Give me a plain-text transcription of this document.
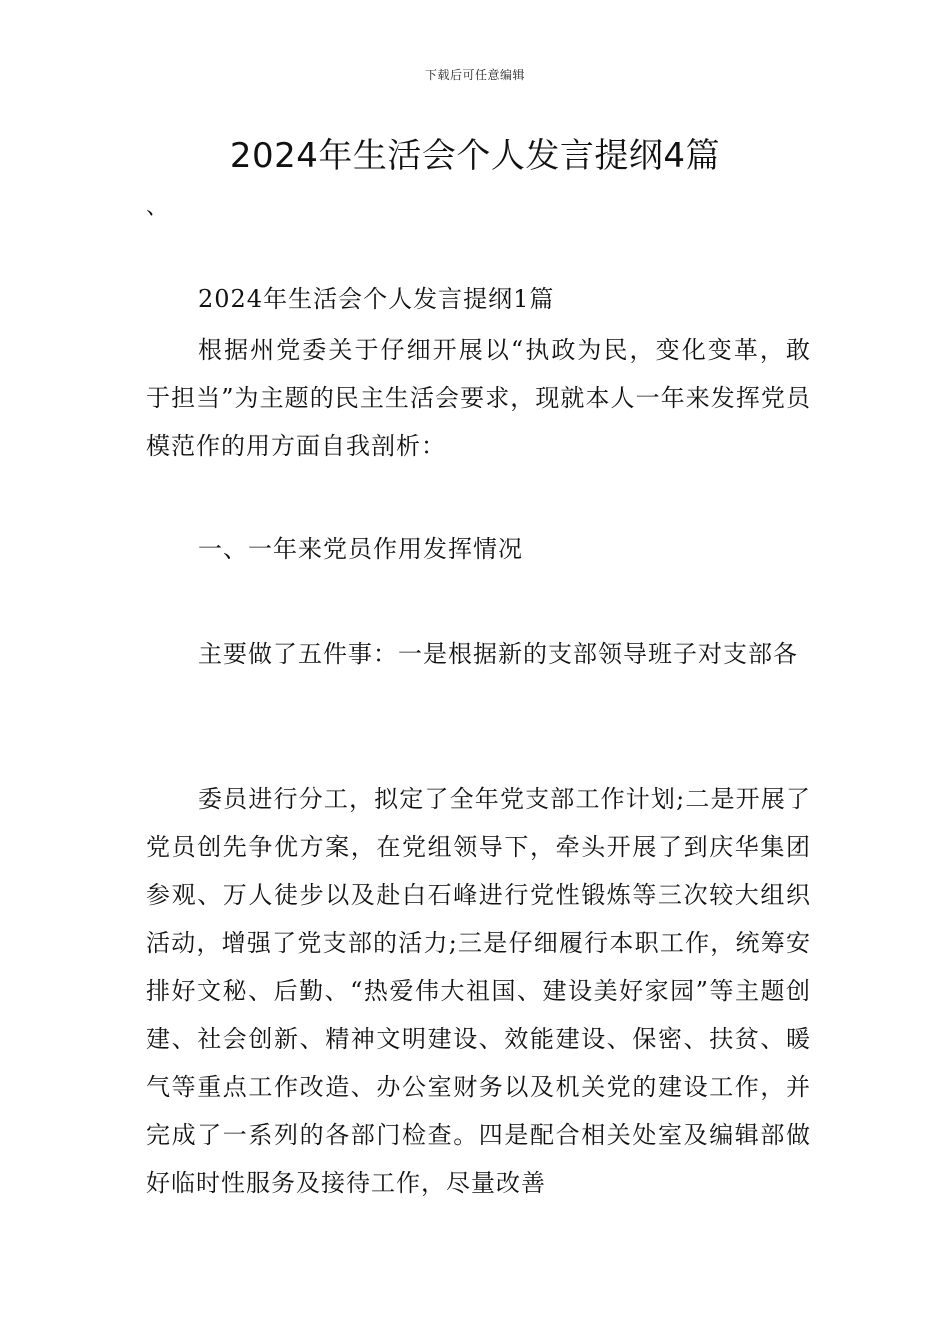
下载后可任意编辑
2024年生活会个人发言提纲4篇
、

2024年生活会个人发言提纲1篇

根据州党委关于仔细开展以“执政为民，变化变革，敢于担当”为主题的民主生活会要求，现就本人一年来发挥党员模范作的用方面自我剖析：

一、一年来党员作用发挥情况

主要做了五件事：一是根据新的支部领导班子对支部各

委员进行分工，拟定了全年党支部工作计划;二是开展了党员创先争优方案，在党组领导下，牵头开展了到庆华集团参观、万人徒步以及赴白石峰进行党性锻炼等三次较大组织活动，增强了党支部的活力;三是仔细履行本职工作，统筹安排好文秘、后勤、“热爱伟大祖国、建设美好家园”等主题创建、社会创新、精神文明建设、效能建设、保密、扶贫、暖气等重点工作改造、办公室财务以及机关党的建设工作，并完成了一系列的各部门检查。四是配合相关处室及编辑部做好临时性服务及接待工作，尽量改善
